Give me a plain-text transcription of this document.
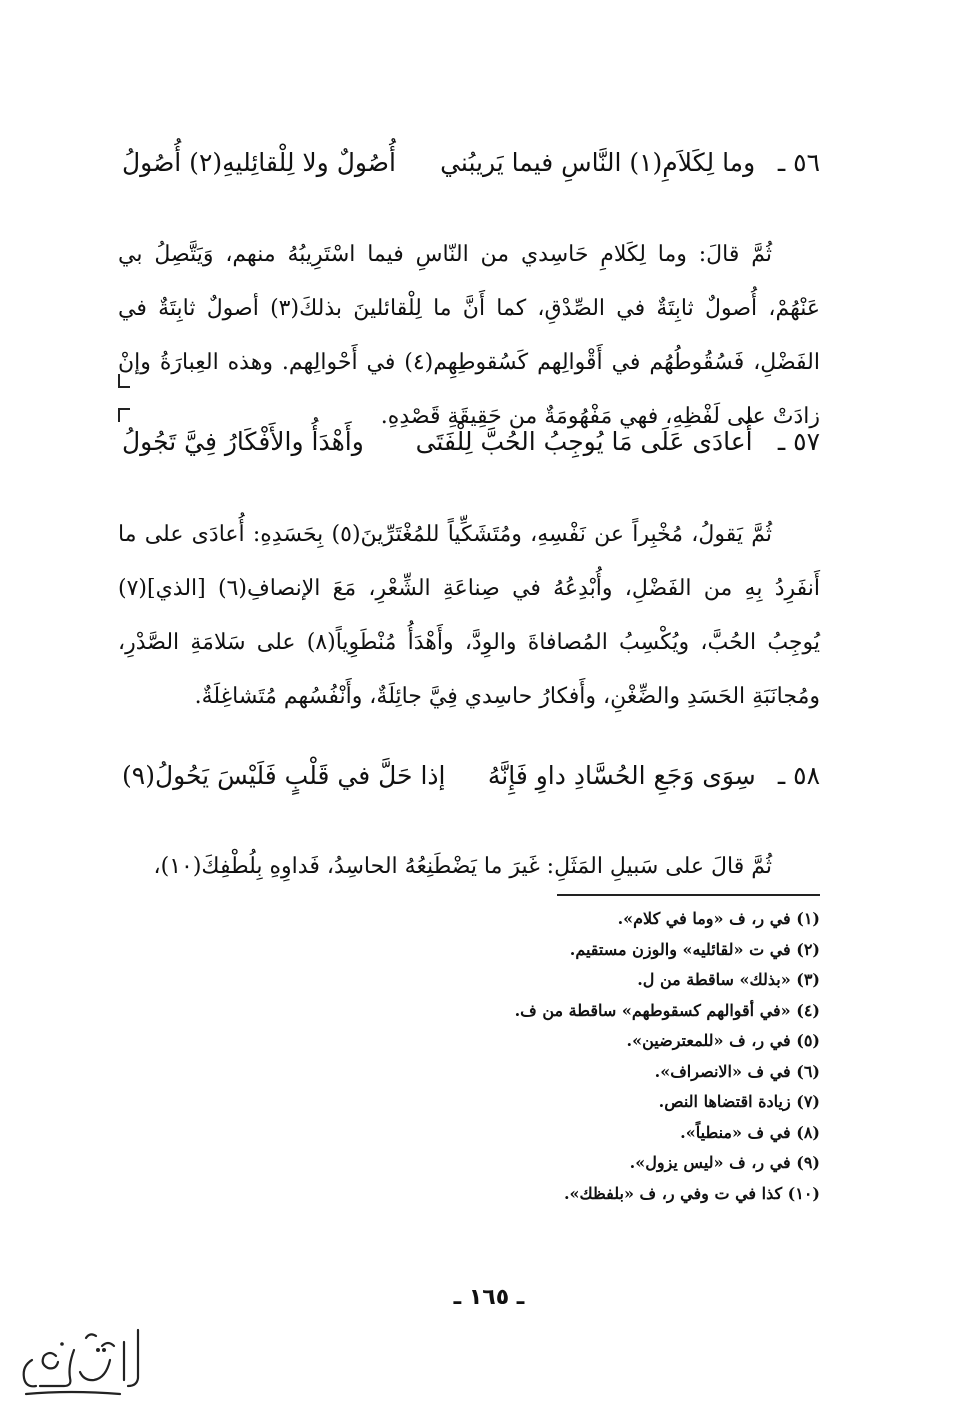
٥٦ ـ
وما لِكَلاَمِ(١) النَّاسِ فيما يَريبُني
أُصُولٌ ولا لِلْقائِليهِ(٢) أُصُولُ

ثُمَّ قالَ: وما لِكَلامِ حَاسِدي من النّاسِ فيما اسْتَرِيبُهُ منهم، وَيَتَّصِلُ بي عَنْهُمْ، أُصولٌ ثابِتَةٌ في الصِّدْقِ، كما أَنَّ ما لِلْقائلينَ بذلكَ(٣) أصولٌ ثابِتَةٌ في الفَضْلِ، فَسُقُوطُهُم في أَقْوالِهم كَسُقوطِهِم(٤) في أَحْوالِهم. وهذه العِبارَةُ وإنْ زادَتْ على لَفْظِهِ، فهي مَفْهُومَةٌ من حَقِيقَةِ قَصْدِهِ.

٥٧ ـ
أُعادَى عَلَى مَا يُوجِبُ الحُبَّ لِلْفَتَى
وأَهْدَأُ والأَفْكَارُ فِيَّ تَجُولُ

ثُمَّ يَقولُ، مُخْبِراً عن نَفْسِهِ، ومُتَشَكِّياً للمُغْتَرِّينَ(٥) بِحَسَدِهِ: أُعادَى على ما أَنفَرِدُ بِهِ من الفَضْلِ، وأُبْدِعُهُ في صِناعَةِ الشِّعْرِ، مَعَ الإنصافِ(٦) [الذي](٧) يُوجِبُ الحُبَّ، ويُكْسِبُ المُصافاةَ والوِدَّ، وأَهْدَأُ مُنْطَوِياً(٨) على سَلامَةِ الصَّدْرِ، ومُجانَبَةِ الحَسَدِ والضِّغْنِ، وأَفكارُ حاسِدي فِيَّ جائِلَةٌ، وأَنْفُسُهم مُتَشاغِلَةٌ.

٥٨ ـ
سِوَى وَجَعِ الحُسَّادِ داوِ فَإِنَّهُ
إذا حَلَّ في قَلْبٍ فَلَيْسَ يَحُولُ(٩)

ثُمَّ قالَ على سَبيلِ المَثَلِ: غَيرَ ما يَضْطَنِعُهُ الحاسِدُ، فَداوِهِ بِلُطْفِكَ(١٠)،

(١) في ر، ف «وما في كلام».
(٢) في ت «لقائليه» والوزن مستقيم.
(٣) «بذلك» ساقطة من ل.
(٤) «في أقوالهم كسقوطهم» ساقطة من ف.
(٥) في ر، ف «للمعترضين».
(٦) في ف «الانصراف».
(٧) زيادة اقتضاها النص.
(٨) في ف «منطياً».
(٩) في ر، ف «ليس يزول».
(١٠) كذا في ت وفي ر، ف «بلفظك».
ـ ١٦٥ ـ
